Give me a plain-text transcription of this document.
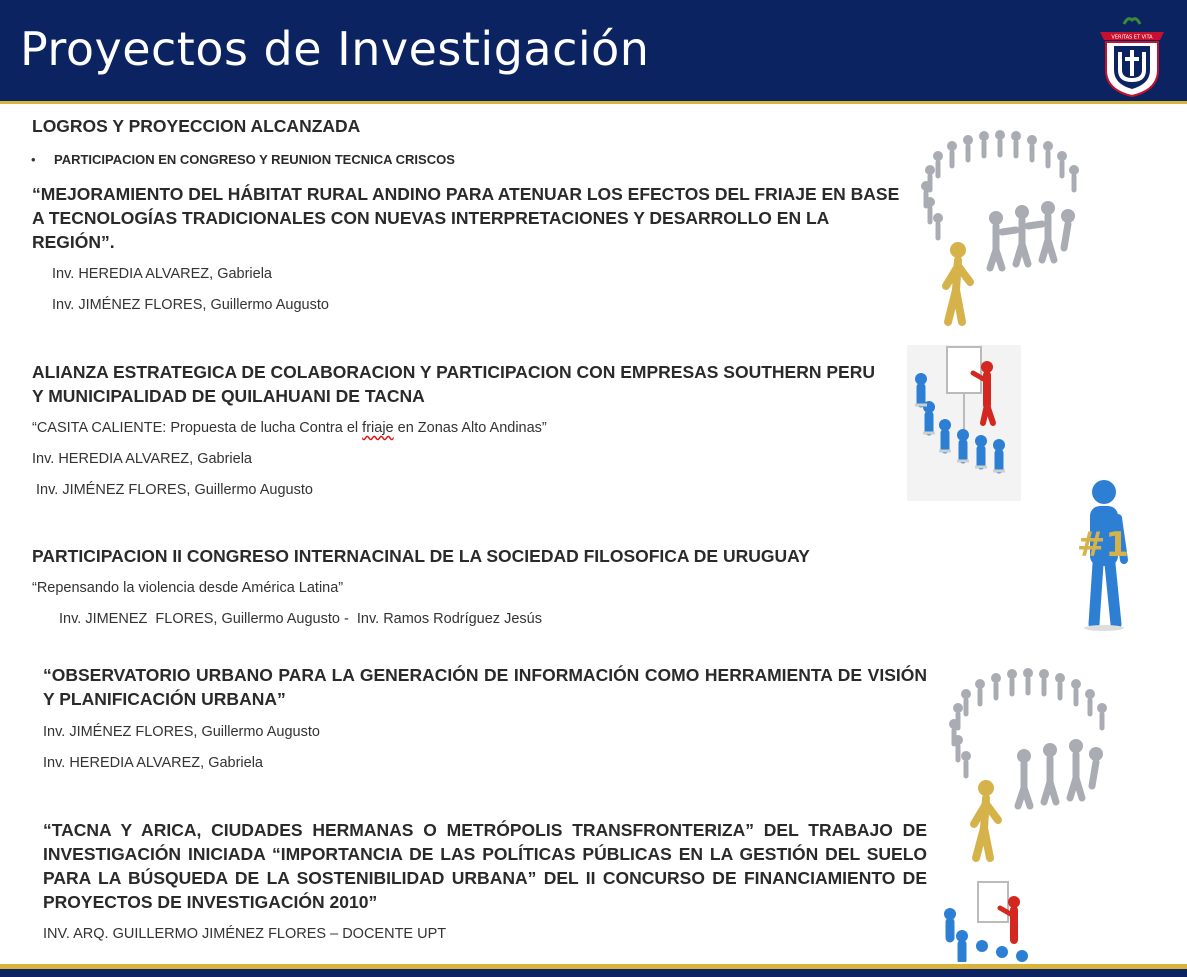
Proyectos de Investigación	VERITAS ET VITA
LOGROS Y PROYECCION ALCANZADA
• PARTICIPACION EN CONGRESO Y REUNION TECNICA CRISCOS
“MEJORAMIENTO DEL HÁBITAT RURAL ANDINO PARA ATENUAR LOS EFECTOS DEL FRIAJE EN BASE A TECNOLOGÍAS TRADICIONALES CON NUEVAS INTERPRETACIONES Y DESARROLLO EN LA REGIÓN”.
Inv. HEREDIA ALVAREZ, Gabriela
Inv. JIMÉNEZ FLORES, Guillermo Augusto
ALIANZA ESTRATEGICA DE COLABORACION Y PARTICIPACION CON EMPRESAS SOUTHERN PERU Y MUNICIPALIDAD DE QUILAHUANI DE TACNA
“CASITA CALIENTE: Propuesta de lucha Contra el friaje en Zonas Alto Andinas”
Inv. HEREDIA ALVAREZ, Gabriela
Inv. JIMÉNEZ FLORES, Guillermo Augusto
PARTICIPACION II CONGRESO INTERNACINAL DE LA SOCIEDAD FILOSOFICA DE URUGUAY
“Repensando la violencia desde América Latina”
Inv. JIMENEZ  FLORES, Guillermo Augusto -  Inv. Ramos Rodríguez Jesús
“OBSERVATORIO URBANO PARA LA GENERACIÓN DE INFORMACIÓN COMO HERRAMIENTA DE VISIÓN Y PLANIFICACIÓN URBANA”
Inv. JIMÉNEZ FLORES, Guillermo Augusto
Inv. HEREDIA ALVAREZ, Gabriela
“TACNA Y ARICA, CIUDADES HERMANAS O METRÓPOLIS TRANSFRONTERIZA” DEL TRABAJO DE INVESTIGACIÓN INICIADA “IMPORTANCIA DE LAS POLÍTICAS PÚBLICAS EN LA GESTIÓN DEL SUELO PARA LA BÚSQUEDA DE LA SOSTENIBILIDAD URBANA” DEL II CONCURSO DE FINANCIAMIENTO DE PROYECTOS DE INVESTIGACIÓN 2010”
INV. ARQ. GUILLERMO JIMÉNEZ FLORES – DOCENTE UPT
#1
